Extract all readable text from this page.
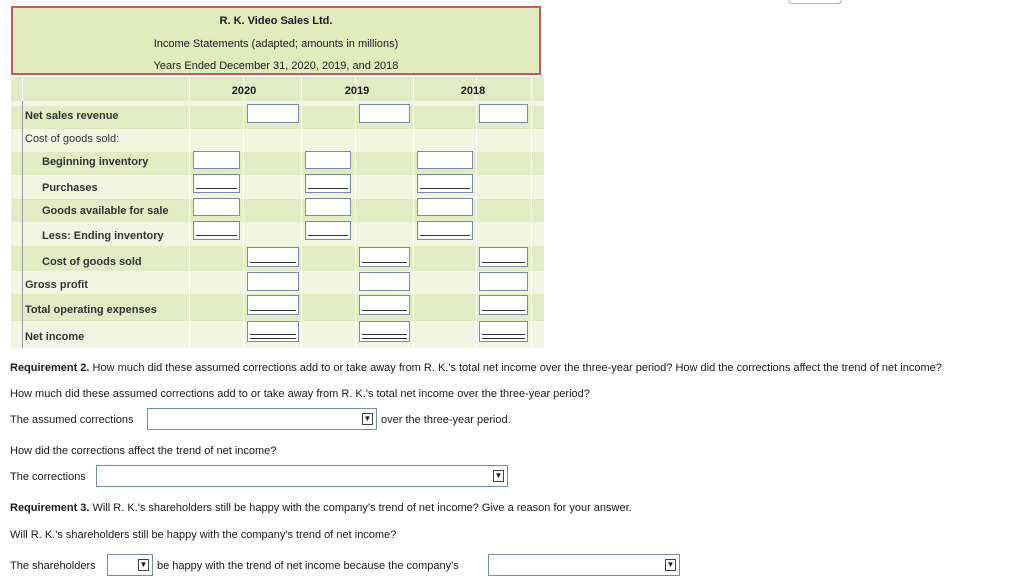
R. K. Video Sales Ltd.
Income Statements (adapted; amounts in millions)
Years Ended December 31, 2020, 2019, and 2018
2020	2019	2018
Net sales revenue
Cost of goods sold:
Beginning inventory
Purchases
Goods available for sale
Less: Ending inventory
Cost of goods sold
Gross profit
Total operating expenses
Net income
Requirement 2. How much did these assumed corrections add to or take away from R. K.'s total net income over the three-year period? How did the corrections affect the trend of net income?
How much did these assumed corrections add to or take away from R. K.'s total net income over the three-year period?
The assumed corrections	▼ over the three-year period.
How did the corrections affect the trend of net income?
The corrections	▼
Requirement 3. Will R. K.'s shareholders still be happy with the company's trend of net income? Give a reason for your answer.
Will R. K.'s shareholders still be happy with the company's trend of net income?
The shareholders	▼ be happy with the trend of net income because the company's	▼
